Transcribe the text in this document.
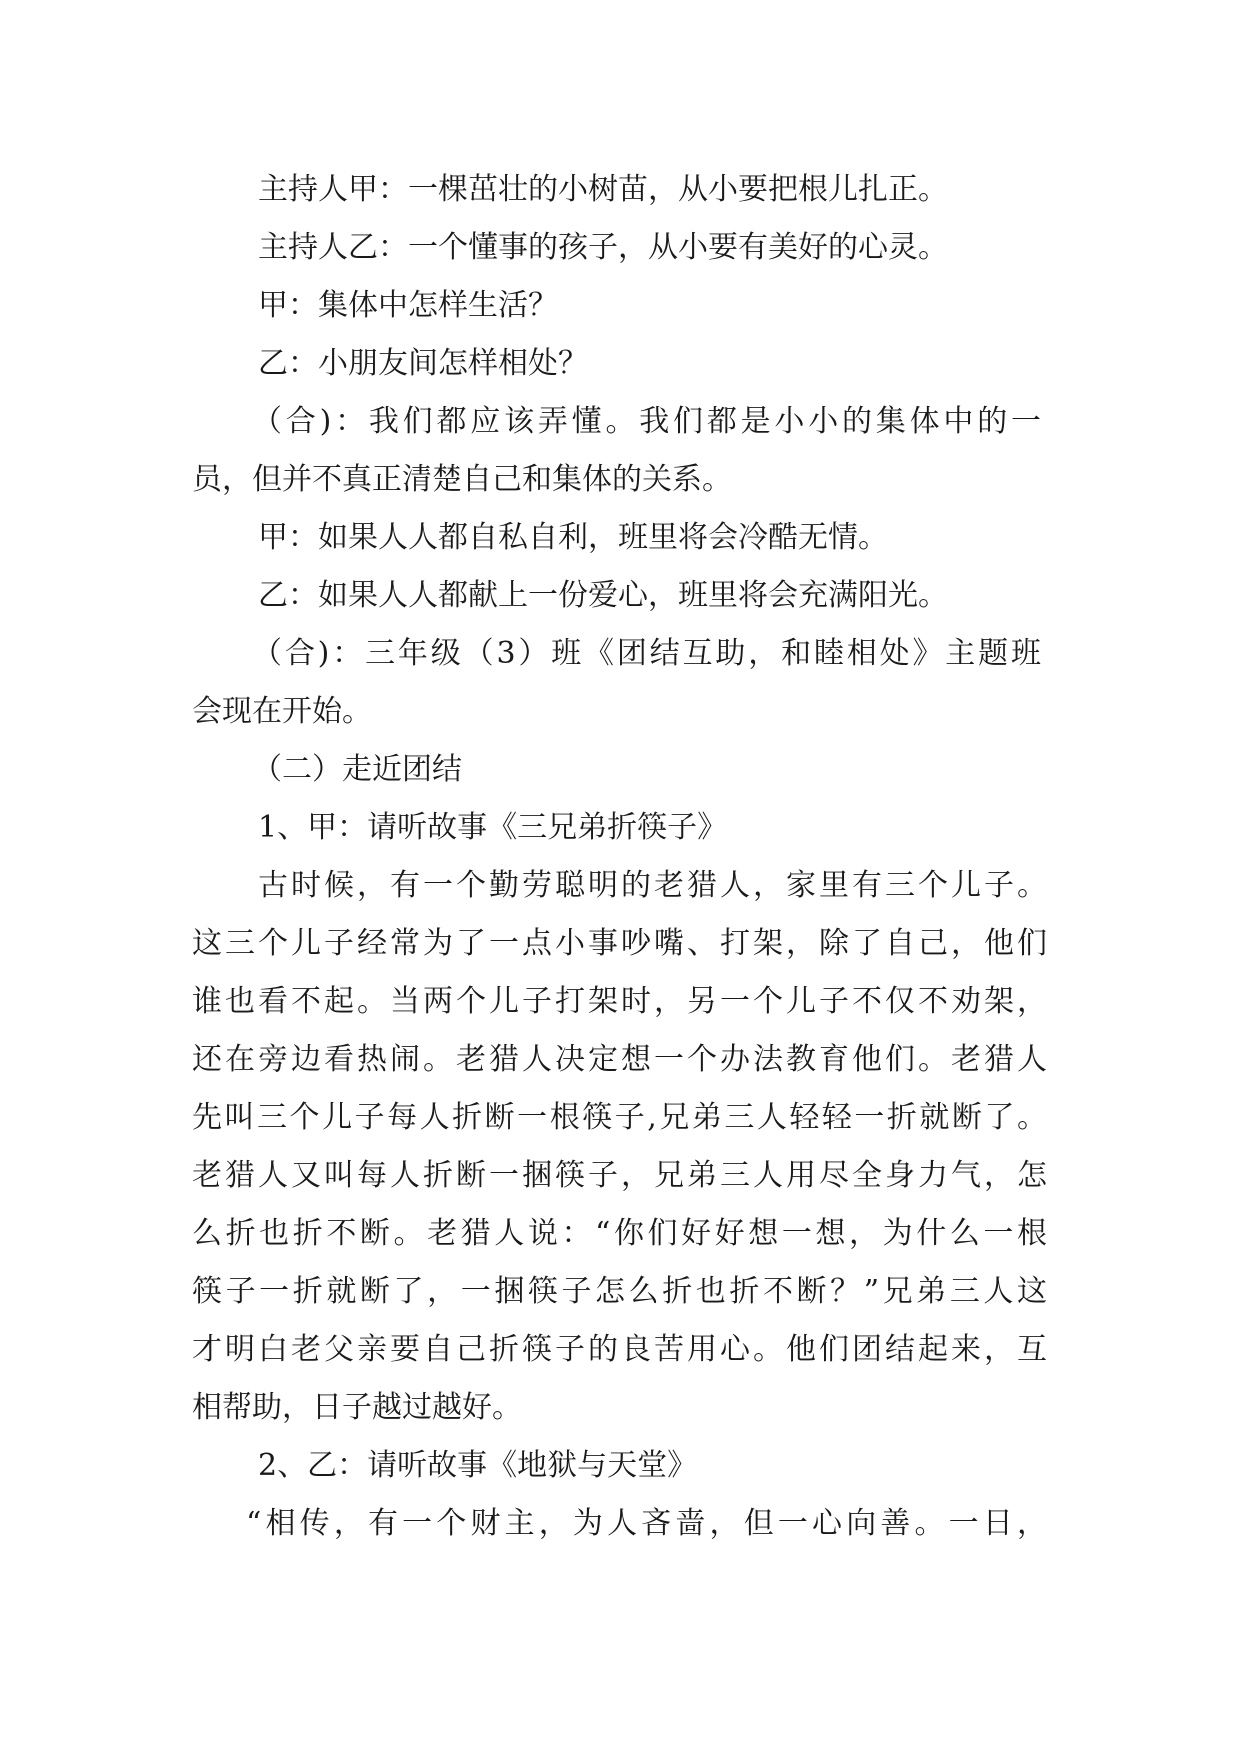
主持人甲：一棵茁壮的小树苗，从小要把根儿扎正。
主持人乙：一个懂事的孩子，从小要有美好的心灵。
甲：集体中怎样生活？
乙：小朋友间怎样相处？
（合)：我们都应该弄懂。我们都是小小的集体中的一
员，但并不真正清楚自己和集体的关系。
甲：如果人人都自私自利，班里将会冷酷无情。
乙：如果人人都献上一份爱心，班里将会充满阳光。
（合)：三年级（3）班《团结互助，和睦相处》主题班
会现在开始。
（二）走近团结
1、甲：请听故事《三兄弟折筷子》
古时候，有一个勤劳聪明的老猎人，家里有三个儿子。
这三个儿子经常为了一点小事吵嘴、打架，除了自己，他们
谁也看不起。当两个儿子打架时，另一个儿子不仅不劝架，
还在旁边看热闹。老猎人决定想一个办法教育他们。老猎人
先叫三个儿子每人折断一根筷子,兄弟三人轻轻一折就断了。
老猎人又叫每人折断一捆筷子，兄弟三人用尽全身力气，怎
么折也折不断。老猎人说：“你们好好想一想，为什么一根
筷子一折就断了，一捆筷子怎么折也折不断？”兄弟三人这
才明白老父亲要自己折筷子的良苦用心。他们团结起来，互
相帮助，日子越过越好。
2、乙：请听故事《地狱与天堂》
“相传，有一个财主，为人吝啬，但一心向善。一日，
